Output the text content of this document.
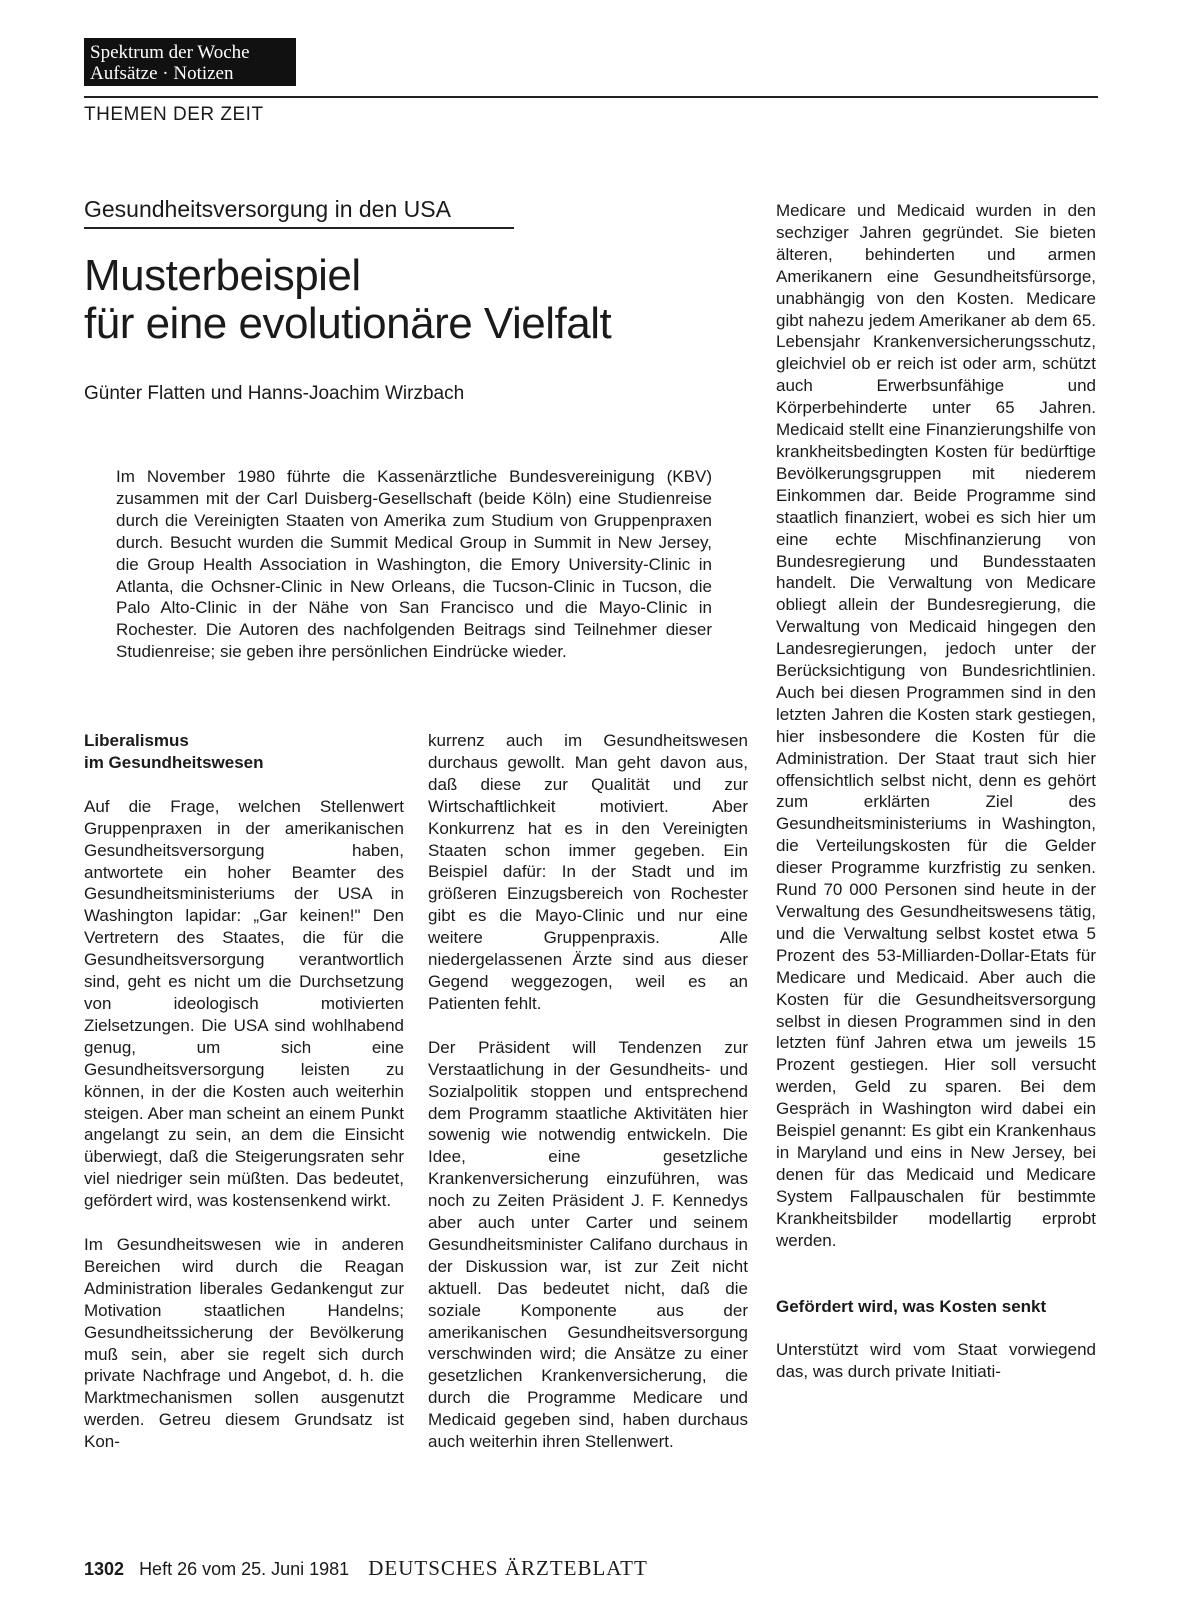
Spektrum der Woche
Aufsätze · Notizen
THEMEN DER ZEIT
Gesundheitsversorgung in den USA
Musterbeispiel
für eine evolutionäre Vielfalt
Günter Flatten und Hanns-Joachim Wirzbach

Im November 1980 führte die Kassenärztliche Bundesvereinigung (KBV) zusammen mit der Carl Duisberg-Gesellschaft (beide Köln) eine Studienreise durch die Vereinigten Staaten von Amerika zum Studium von Gruppenpraxen durch. Besucht wurden die Summit Medical Group in Summit in New Jersey, die Group Health Association in Washington, die Emory University-Clinic in Atlanta, die Ochsner-Clinic in New Orleans, die Tucson-Clinic in Tucson, die Palo Alto-Clinic in der Nähe von San Francisco und die Mayo-Clinic in Rochester. Die Autoren des nachfolgenden Beitrags sind Teilnehmer dieser Studienreise; sie geben ihre persönlichen Eindrücke wieder.

Liberalismus
im Gesundheitswesen

Auf die Frage, welchen Stellenwert Gruppenpraxen in der amerikanischen Gesundheitsversorgung haben, antwortete ein hoher Beamter des Gesundheitsministeriums der USA in Washington lapidar: „Gar keinen!" Den Vertretern des Staates, die für die Gesundheitsversorgung verantwortlich sind, geht es nicht um die Durchsetzung von ideologisch motivierten Zielsetzungen. Die USA sind wohlhabend genug, um sich eine Gesundheitsversorgung leisten zu können, in der die Kosten auch weiterhin steigen. Aber man scheint an einem Punkt angelangt zu sein, an dem die Einsicht überwiegt, daß die Steigerungsraten sehr viel niedriger sein müßten. Das bedeutet, gefördert wird, was kostensenkend wirkt.

Im Gesundheitswesen wie in anderen Bereichen wird durch die Reagan Administration liberales Gedankengut zur Motivation staatlichen Handelns; Gesundheitssicherung der Bevölkerung muß sein, aber sie regelt sich durch private Nachfrage und Angebot, d. h. die Marktmechanismen sollen ausgenutzt werden. Getreu diesem Grundsatz ist Kon-

kurrenz auch im Gesundheitswesen durchaus gewollt. Man geht davon aus, daß diese zur Qualität und zur Wirtschaftlichkeit motiviert. Aber Konkurrenz hat es in den Vereinigten Staaten schon immer gegeben. Ein Beispiel dafür: In der Stadt und im größeren Einzugsbereich von Rochester gibt es die Mayo-Clinic und nur eine weitere Gruppenpraxis. Alle niedergelassenen Ärzte sind aus dieser Gegend weggezogen, weil es an Patienten fehlt.

Der Präsident will Tendenzen zur Verstaatlichung in der Gesundheits- und Sozialpolitik stoppen und entsprechend dem Programm staatliche Aktivitäten hier sowenig wie notwendig entwickeln. Die Idee, eine gesetzliche Krankenversicherung einzuführen, was noch zu Zeiten Präsident J. F. Kennedys aber auch unter Carter und seinem Gesundheitsminister Califano durchaus in der Diskussion war, ist zur Zeit nicht aktuell. Das bedeutet nicht, daß die soziale Komponente aus der amerikanischen Gesundheitsversorgung verschwinden wird; die Ansätze zu einer gesetzlichen Krankenversicherung, die durch die Programme Medicare und Medicaid gegeben sind, haben durchaus auch weiterhin ihren Stellenwert.

Medicare und Medicaid wurden in den sechziger Jahren gegründet. Sie bieten älteren, behinderten und armen Amerikanern eine Gesundheitsfürsorge, unabhängig von den Kosten. Medicare gibt nahezu jedem Amerikaner ab dem 65. Lebensjahr Krankenversicherungsschutz, gleichviel ob er reich ist oder arm, schützt auch Erwerbsunfähige und Körperbehinderte unter 65 Jahren. Medicaid stellt eine Finanzierungshilfe von krankheitsbedingten Kosten für bedürftige Bevölkerungsgruppen mit niederem Einkommen dar. Beide Programme sind staatlich finanziert, wobei es sich hier um eine echte Mischfinanzierung von Bundesregierung und Bundesstaaten handelt. Die Verwaltung von Medicare obliegt allein der Bundesregierung, die Verwaltung von Medicaid hingegen den Landesregierungen, jedoch unter der Berücksichtigung von Bundesrichtlinien. Auch bei diesen Programmen sind in den letzten Jahren die Kosten stark gestiegen, hier insbesondere die Kosten für die Administration. Der Staat traut sich hier offensichtlich selbst nicht, denn es gehört zum erklärten Ziel des Gesundheitsministeriums in Washington, die Verteilungskosten für die Gelder dieser Programme kurzfristig zu senken. Rund 70 000 Personen sind heute in der Verwaltung des Gesundheitswesens tätig, und die Verwaltung selbst kostet etwa 5 Prozent des 53-Milliarden-Dollar-Etats für Medicare und Medicaid. Aber auch die Kosten für die Gesundheitsversorgung selbst in diesen Programmen sind in den letzten fünf Jahren etwa um jeweils 15 Prozent gestiegen. Hier soll versucht werden, Geld zu sparen. Bei dem Gespräch in Washington wird dabei ein Beispiel genannt: Es gibt ein Krankenhaus in Maryland und eins in New Jersey, bei denen für das Medicaid und Medicare System Fallpauschalen für bestimmte Krankheitsbilder modellartig erprobt werden.

Gefördert wird, was Kosten senkt

Unterstützt wird vom Staat vorwiegend das, was durch private Initiati-

1302 Heft 26 vom 25. Juni 1981 DEUTSCHES ÄRZTEBLATT
